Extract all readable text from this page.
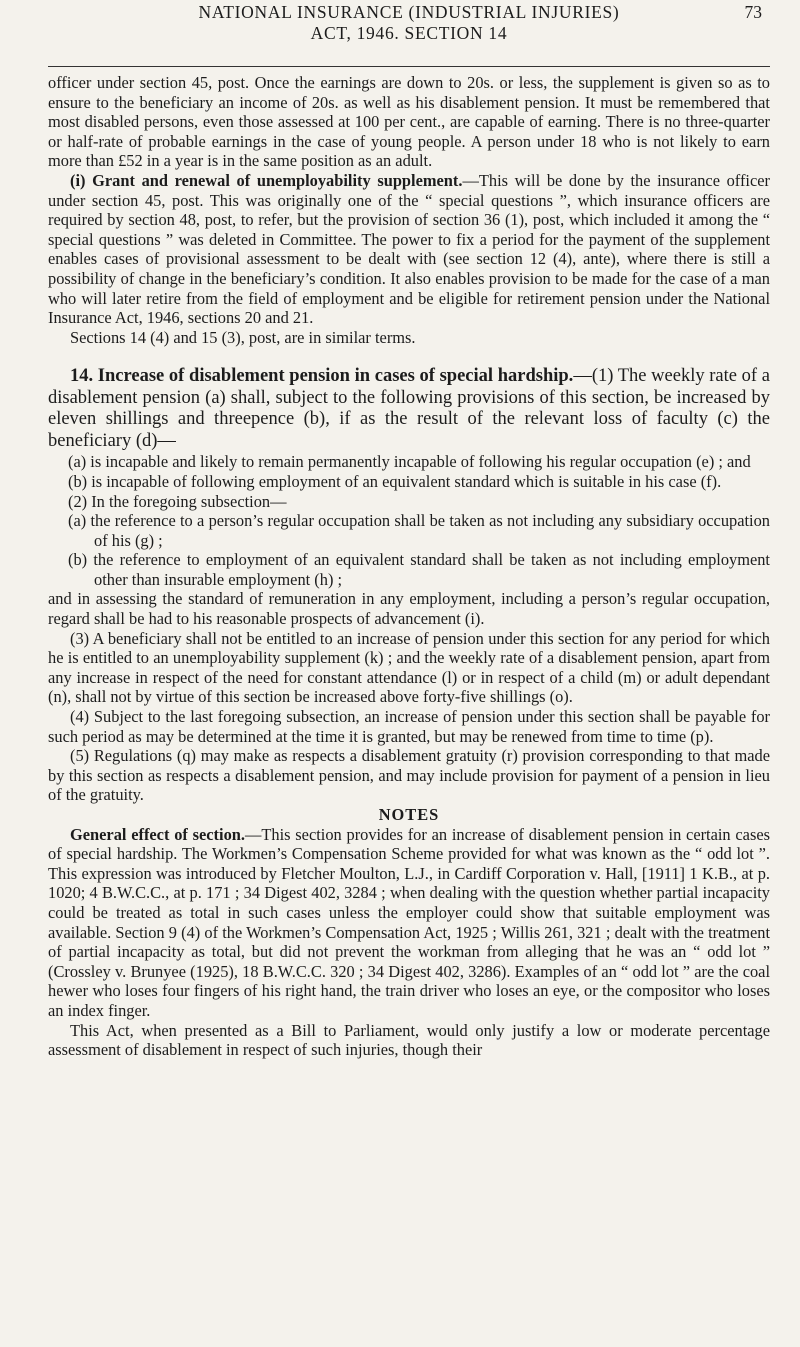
NATIONAL INSURANCE (INDUSTRIAL INJURIES)
ACT, 1946. SECTION 14
73

officer under section 45, post. Once the earnings are down to 20s. or less, the supplement is given so as to ensure to the beneficiary an income of 20s. as well as his disablement pension. It must be remembered that most disabled persons, even those assessed at 100 per cent., are capable of earning. There is no three-quarter or half-rate of probable earnings in the case of young people. A person under 18 who is not likely to earn more than £52 in a year is in the same position as an adult.

(i) Grant and renewal of unemployability supplement.—This will be done by the insurance officer under section 45, post. This was originally one of the “ special questions ”, which insurance officers are required by section 48, post, to refer, but the provision of section 36 (1), post, which included it among the “ special questions ” was deleted in Committee. The power to fix a period for the payment of the supplement enables cases of provisional assessment to be dealt with (see section 12 (4), ante), where there is still a possibility of change in the beneficiary’s condition. It also enables provision to be made for the case of a man who will later retire from the field of employment and be eligible for retirement pension under the National Insurance Act, 1946, sections 20 and 21.

Sections 14 (4) and 15 (3), post, are in similar terms.

14. Increase of disablement pension in cases of special hardship.—(1) The weekly rate of a disablement pension (a) shall, subject to the following provisions of this section, be increased by eleven shillings and threepence (b), if as the result of the relevant loss of faculty (c) the beneficiary (d)—

(a) is incapable and likely to remain permanently incapable of following his regular occupation (e) ; and

(b) is incapable of following employment of an equivalent standard which is suitable in his case (f).

(2) In the foregoing subsection—

(a) the reference to a person’s regular occupation shall be taken as not including any subsidiary occupation of his (g) ;

(b) the reference to employment of an equivalent standard shall be taken as not including employment other than insurable employment (h) ;

and in assessing the standard of remuneration in any employment, including a person’s regular occupation, regard shall be had to his reasonable prospects of advancement (i).

(3) A beneficiary shall not be entitled to an increase of pension under this section for any period for which he is entitled to an unemployability supplement (k) ; and the weekly rate of a disablement pension, apart from any increase in respect of the need for constant attendance (l) or in respect of a child (m) or adult dependant (n), shall not by virtue of this section be increased above forty-five shillings (o).

(4) Subject to the last foregoing subsection, an increase of pension under this section shall be payable for such period as may be determined at the time it is granted, but may be renewed from time to time (p).

(5) Regulations (q) may make as respects a disablement gratuity (r) provision corresponding to that made by this section as respects a disablement pension, and may include provision for payment of a pension in lieu of the gratuity.

NOTES

General effect of section.—This section provides for an increase of disablement pension in certain cases of special hardship. The Workmen’s Compensation Scheme provided for what was known as the “ odd lot ”. This expression was introduced by Fletcher Moulton, L.J., in Cardiff Corporation v. Hall, [1911] 1 K.B., at p. 1020; 4 B.W.C.C., at p. 171 ; 34 Digest 402, 3284 ; when dealing with the question whether partial incapacity could be treated as total in such cases unless the employer could show that suitable employment was available. Section 9 (4) of the Workmen’s Compensation Act, 1925 ; Willis 261, 321 ; dealt with the treatment of partial incapacity as total, but did not prevent the workman from alleging that he was an “ odd lot ” (Crossley v. Brunyee (1925), 18 B.W.C.C. 320 ; 34 Digest 402, 3286). Examples of an “ odd lot ” are the coal hewer who loses four fingers of his right hand, the train driver who loses an eye, or the compositor who loses an index finger.

This Act, when presented as a Bill to Parliament, would only justify a low or moderate percentage assessment of disablement in respect of such injuries, though their
